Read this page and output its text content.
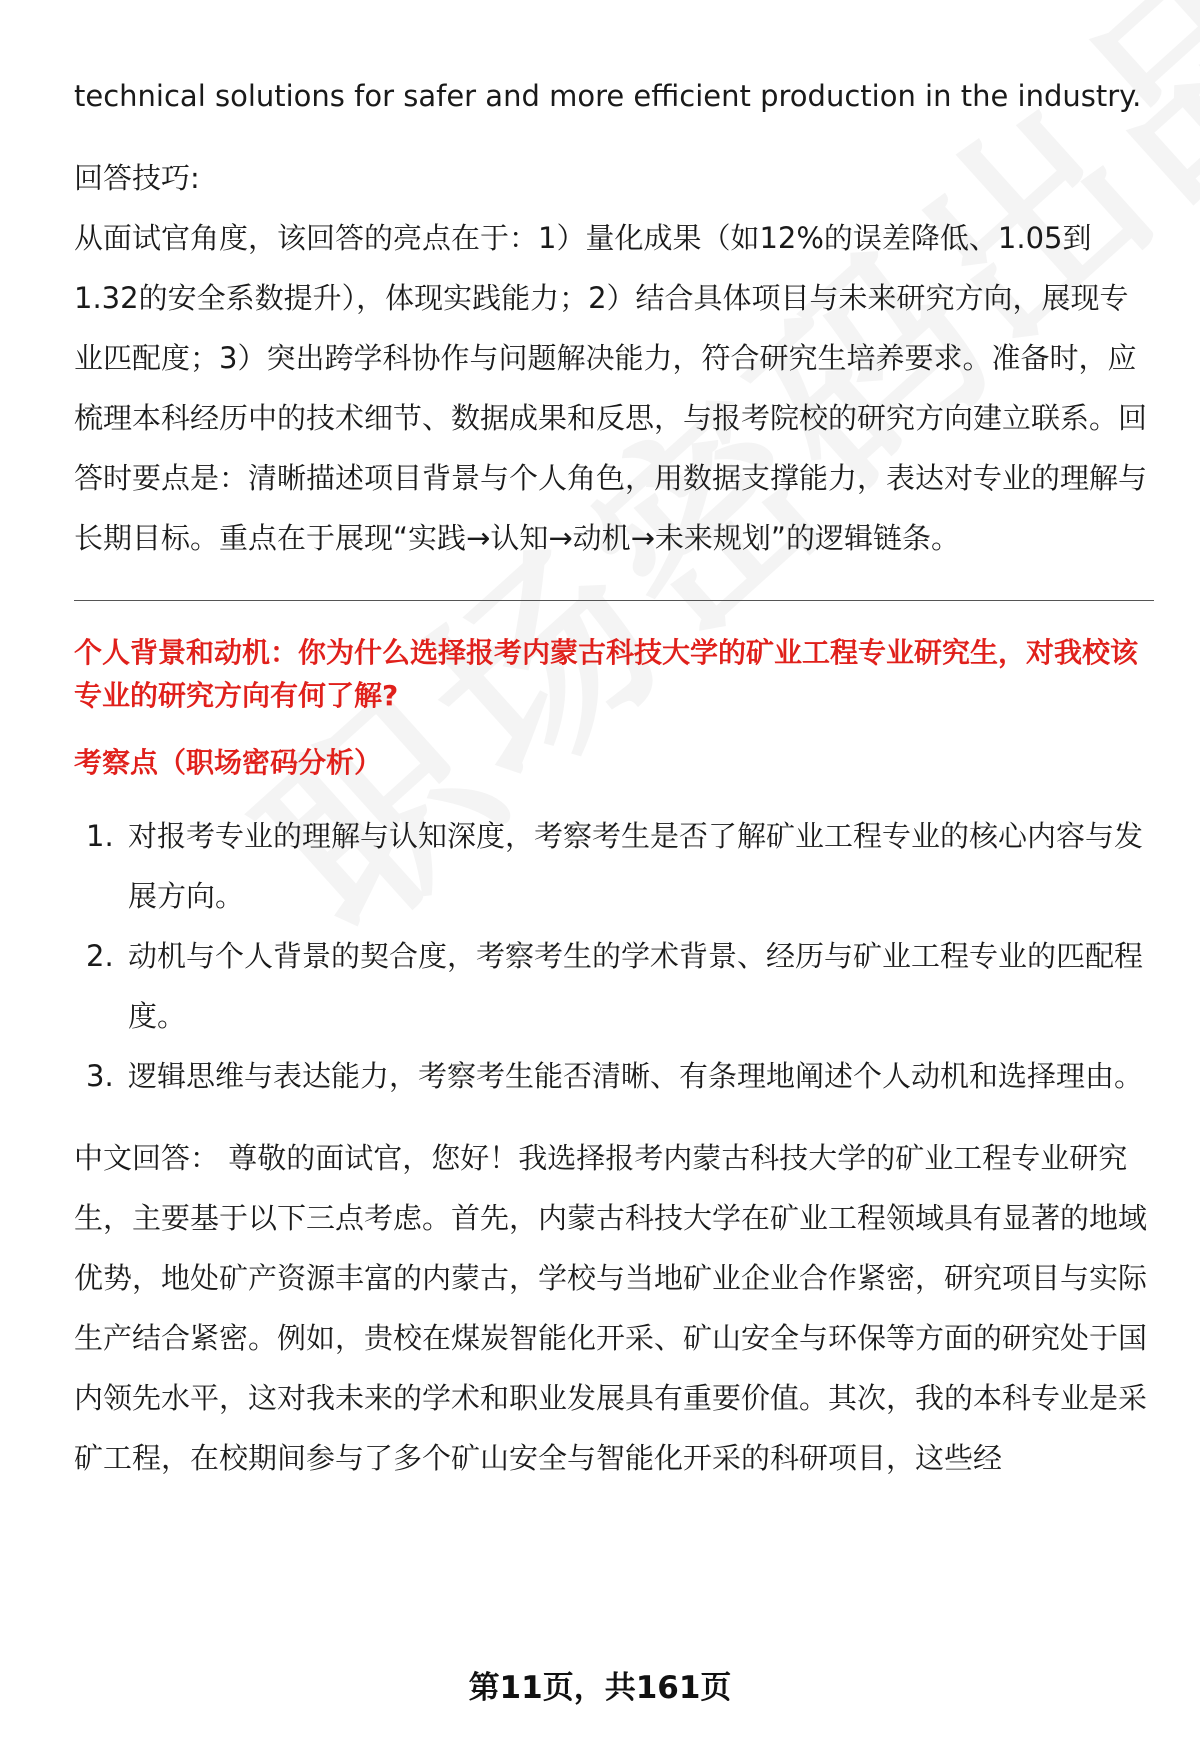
technical solutions for safer and more efficient production in the industry.

回答技巧:

从面试官角度，该回答的亮点在于：1）量化成果（如12%的误差降低、1.05到1.32的安全系数提升），体现实践能力；2）结合具体项目与未来研究方向，展现专业匹配度；3）突出跨学科协作与问题解决能力，符合研究生培养要求。准备时，应梳理本科经历中的技术细节、数据成果和反思，与报考院校的研究方向建立联系。回答时要点是：清晰描述项目背景与个人角色，用数据支撑能力，表达对专业的理解与长期目标。重点在于展现“实践→认知→动机→未来规划”的逻辑链条。

个人背景和动机：你为什么选择报考内蒙古科技大学的矿业工程专业研究生，对我校该专业的研究方向有何了解?

考察点（职场密码分析）
1. 对报考专业的理解与认知深度，考察考生是否了解矿业工程专业的核心内容与发展方向。
2. 动机与个人背景的契合度，考察考生的学术背景、经历与矿业工程专业的匹配程度。
3. 逻辑思维与表达能力，考察考生能否清晰、有条理地阐述个人动机和选择理由。

中文回答： 尊敬的面试官，您好！我选择报考内蒙古科技大学的矿业工程专业研究生，主要基于以下三点考虑。首先，内蒙古科技大学在矿业工程领域具有显著的地域优势，地处矿产资源丰富的内蒙古，学校与当地矿业企业合作紧密，研究项目与实际生产结合紧密。例如，贵校在煤炭智能化开采、矿山安全与环保等方面的研究处于国内领先水平，这对我未来的学术和职业发展具有重要价值。其次，我的本科专业是采矿工程，在校期间参与了多个矿山安全与智能化开采的科研项目，这些经

第11页，共161页
